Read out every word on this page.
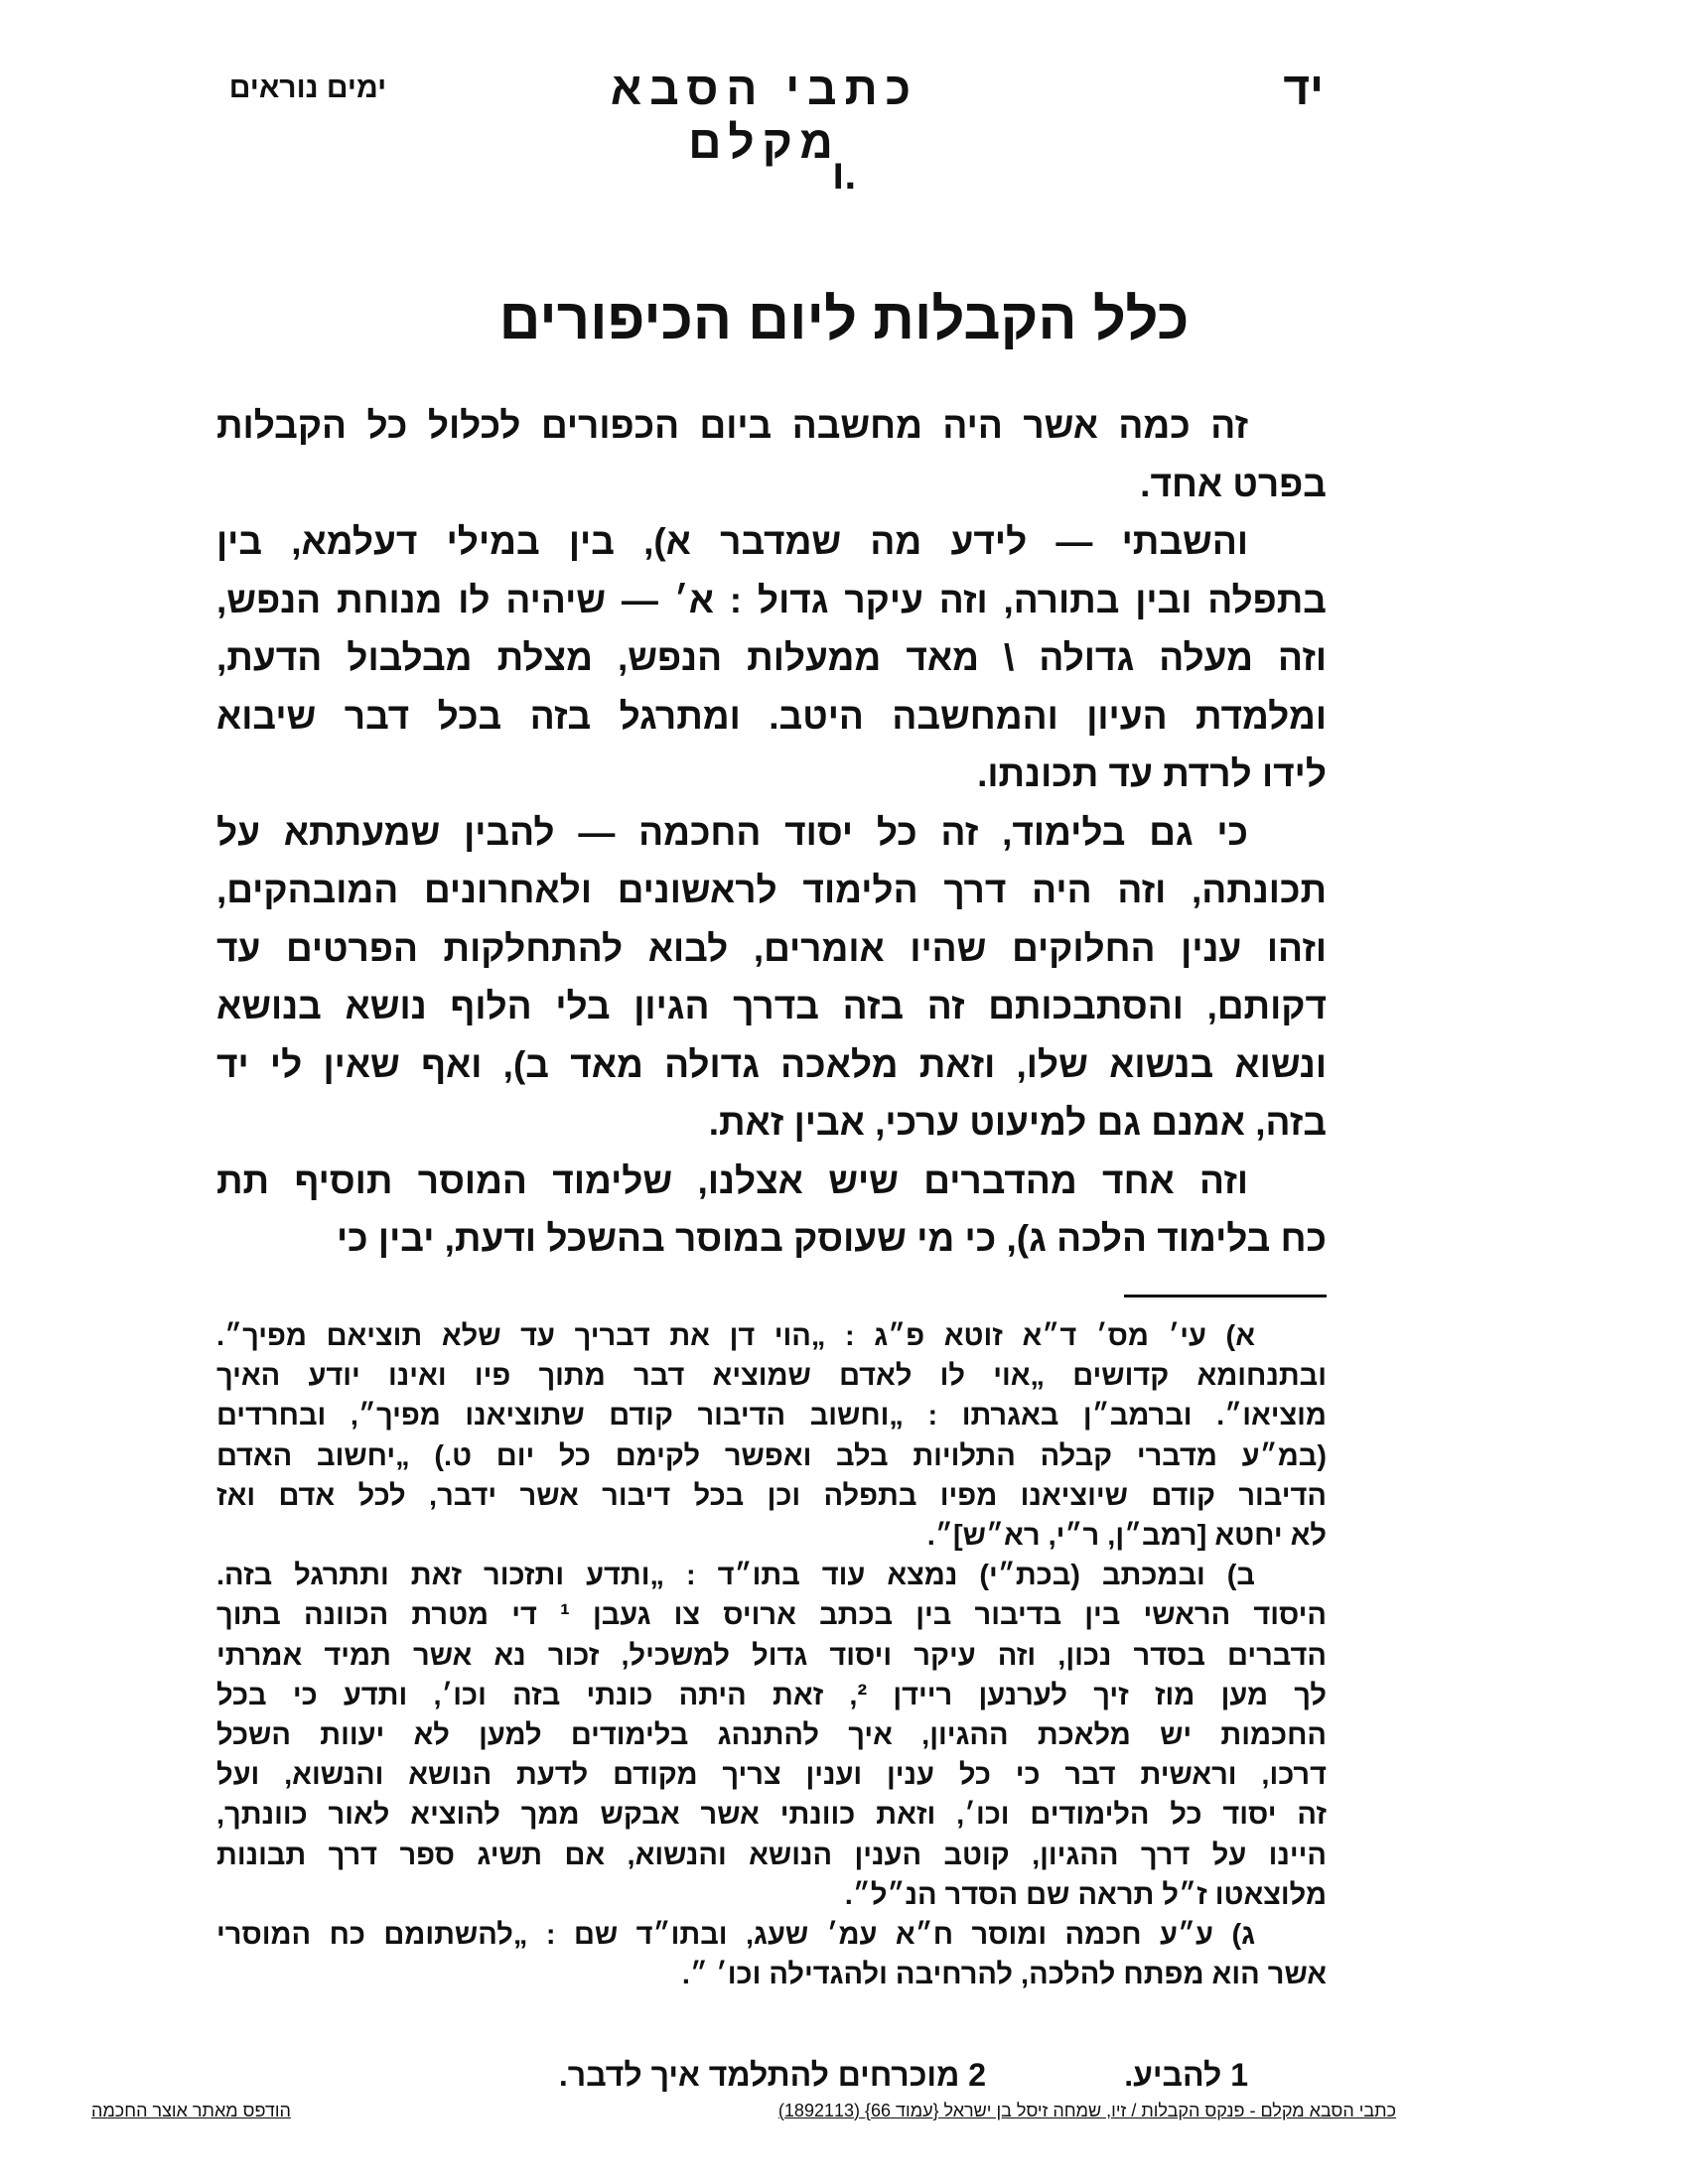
יד
כתבי הסבא מקלם
ימים נוראים
ו.
כלל הקבלות ליום הכיפורים
זה כמה אשר היה מחשבה ביום הכפורים לכלול כל הקבלות
בפרט אחד.
והשבתי — לידע מה שמדבר א), בין במילי דעלמא, בין
בתפלה ובין בתורה, וזה עיקר גדול : א׳ — שיהיה לו מנוחת הנפש,
וזה מעלה גדולה \ מאד ממעלות הנפש, מצלת מבלבול הדעת,
ומלמדת העיון והמחשבה היטב. ומתרגל בזה בכל דבר שיבוא
לידו לרדת עד תכונתו.
כי גם בלימוד, זה כל יסוד החכמה — להבין שמעתתא על
תכונתה, וזה היה דרך הלימוד לראשונים ולאחרונים המובהקים,
וזהו ענין החלוקים שהיו אומרים, לבוא להתחלקות הפרטים עד
דקותם, והסתבכותם זה בזה בדרך הגיון בלי הלוף נושא בנושא
ונשוא בנשוא שלו, וזאת מלאכה גדולה מאד ב), ואף שאין לי יד
בזה, אמנם גם למיעוט ערכי, אבין זאת.
וזה אחד מהדברים שיש אצלנו, שלימוד המוסר תוסיף תת
כח בלימוד הלכה ג), כי מי שעוסק במוסר בהשכל ודעת, יבין כי
א) עי׳ מס׳ ד״א זוטא פ״ג : „הוי דן את דבריך עד שלא תוציאם מפיך״.
ובתנחומא קדושים „אוי לו לאדם שמוציא דבר מתוך פיו ואינו יודע האיך
מוציאו״. וברמב״ן באגרתו : „וחשוב הדיבור קודם שתוציאנו מפיך״, ובחרדים
(במ״ע מדברי קבלה התלויות בלב ואפשר לקימם כל יום ט.) „יחשוב האדם
הדיבור קודם שיוציאנו מפיו בתפלה וכן בכל דיבור אשר ידבר, לכל אדם ואז
לא יחטא [רמב״ן, ר״י, רא״ש]״.
ב) ובמכתב (בכת״י) נמצא עוד בתו״ד : „ותדע ותזכור זאת ותתרגל בזה.
היסוד הראשי בין בדיבור בין בכתב ארויס צו געבן ¹ די מטרת הכוונה בתוך
הדברים בסדר נכון, וזה עיקר ויסוד גדול למשכיל, זכור נא אשר תמיד אמרתי
לך מען מוז זיך לערנען ריידן ², זאת היתה כונתי בזה וכו׳, ותדע כי בכל
החכמות יש מלאכת ההגיון, איך להתנהג בלימודים למען לא יעוות השכל
דרכו, וראשית דבר כי כל ענין וענין צריך מקודם לדעת הנושא והנשוא, ועל
זה יסוד כל הלימודים וכו׳, וזאת כוונתי אשר אבקש ממך להוציא לאור כוונתך,
היינו על דרך ההגיון, קוטב הענין הנושא והנשוא, אם תשיג ספר דרך תבונות
מלוצאטו ז״ל תראה שם הסדר הנ״ל״.
ג) ע״ע חכמה ומוסר ח״א עמ׳ שעג, ובתו״ד שם : „להשתומם כח המוסרי
אשר הוא מפתח להלכה, להרחיבה ולהגדילה וכו׳ ״.
1 להביע.
2 מוכרחים להתלמד איך לדבר.
כתבי הסבא מקלם - פנקס הקבלות / זיו, שמחה זיסל בן ישראל {עמוד 66} (1892113)
הודפס מאתר אוצר החכמה
